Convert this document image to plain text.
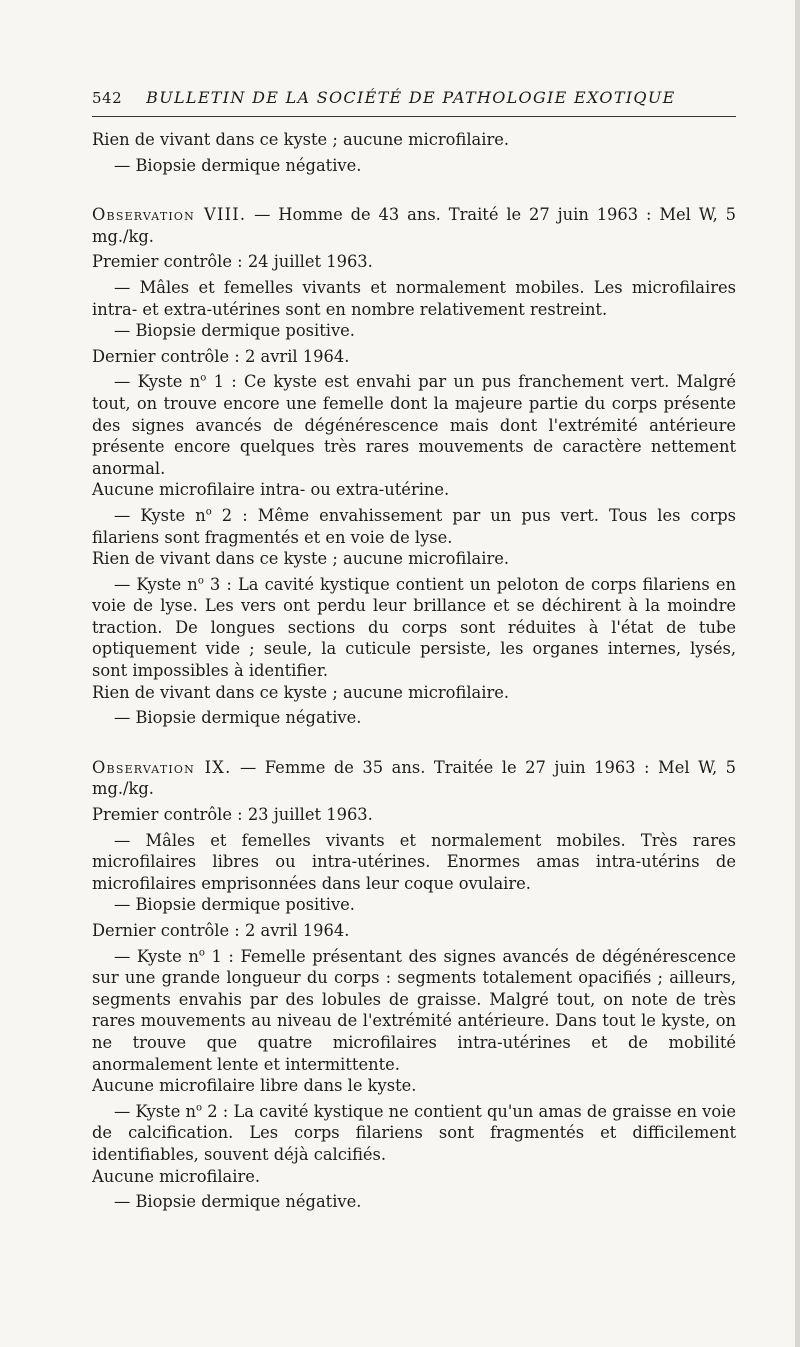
542 BULLETIN DE LA SOCIÉTÉ DE PATHOLOGIE EXOTIQUE

Rien de vivant dans ce kyste ; aucune microfilaire.

— Biopsie dermique négative.

Observation VIII. — Homme de 43 ans. Traité le 27 juin 1963 : Mel W, 5 mg./kg.

Premier contrôle : 24 juillet 1963.

— Mâles et femelles vivants et normalement mobiles. Les microfilaires intra- et extra-utérines sont en nombre relativement restreint.

— Biopsie dermique positive.

Dernier contrôle : 2 avril 1964.

— Kyste $n^o$ 1 : Ce kyste est envahi par un pus franchement vert. Malgré tout, on trouve encore une femelle dont la majeure partie du corps présente des signes avancés de dégénérescence mais dont l'extrémité antérieure présente encore quelques très rares mouvements de caractère nettement anormal.

Aucune microfilaire intra- ou extra-utérine.

— Kyste $n^o$ 2 : Même envahissement par un pus vert. Tous les corps filariens sont fragmentés et en voie de lyse.

Rien de vivant dans ce kyste ; aucune microfilaire.

— Kyste $n^o$ 3 : La cavité kystique contient un peloton de corps filariens en voie de lyse. Les vers ont perdu leur brillance et se déchirent à la moindre traction. De longues sections du corps sont réduites à l'état de tube optiquement vide ; seule, la cuticule persiste, les organes internes, lysés, sont impossibles à identifier.

Rien de vivant dans ce kyste ; aucune microfilaire.

— Biopsie dermique négative.

Observation IX. — Femme de 35 ans. Traitée le 27 juin 1963 : Mel W, 5 mg./kg.

Premier contrôle : 23 juillet 1963.

— Mâles et femelles vivants et normalement mobiles. Très rares microfilaires libres ou intra-utérines. Enormes amas intra-utérins de microfilaires emprisonnées dans leur coque ovulaire.

— Biopsie dermique positive.

Dernier contrôle : 2 avril 1964.

— Kyste $n^o$ 1 : Femelle présentant des signes avancés de dégénérescence sur une grande longueur du corps : segments totalement opacifiés ; ailleurs, segments envahis par des lobules de graisse. Malgré tout, on note de très rares mouvements au niveau de l'extrémité antérieure. Dans tout le kyste, on ne trouve que quatre microfilaires intra-utérines et de mobilité anormalement lente et intermittente.

Aucune microfilaire libre dans le kyste.

— Kyste $n^o$ 2 : La cavité kystique ne contient qu'un amas de graisse en voie de calcification. Les corps filariens sont fragmentés et difficilement identifiables, souvent déjà calcifiés.

Aucune microfilaire.

— Biopsie dermique négative.
